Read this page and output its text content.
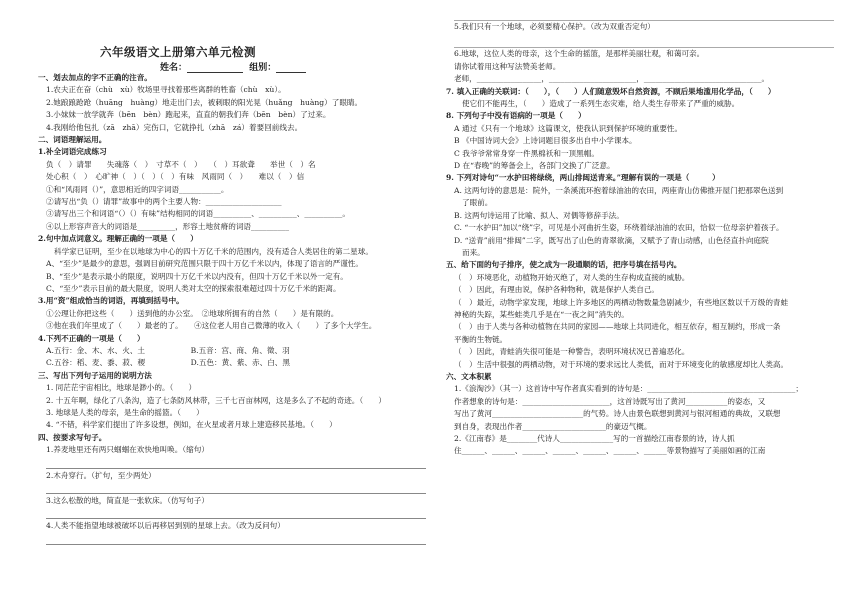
六年级语文上册第六单元检测
姓名：	组别：
一、划去加点的字不正确的注音。
1.农夫正在奋（chù　xù）牧场里寻找着那些离群的牲畜（chù　xù）。
2.她踉踉跄跄（huāng　huàng）地走出门去，被刺眼的阳光晃（huǎng　huàng）了眼睛。
3.小妹妹一放学就奔（bēn　bèn）跑起来，直直的朝我们奔（bēn　bèn）了过来。
4.我刚给他包扎（zā　zhā）完伤口，它就挣扎（zhā　zá）着要回前线去。
二、词语理解运用。
1.补全词语完成练习
负（　）请罪　　失魂落（　）　寸草不（　）　　（　）耳欲聋　　举世（　）名
处心积（　）　心旷神（　）（　）（　）有味　风雨同（　）　　难以（　）信
①和“风雨同（）”，意思相近的四字词语___________。
②请写出“负（）请罪”故事中的两个主要人物：____________________
③请写出三个和词语“（）（）有味”结构相同的词语__________、__________、__________。
④以上形容声音大的词语是__________，形容土地贫瘠的词语__________
2.句中加点词意义。理解正确的一项是（　　）
科学家已证明，至少在以地球为中心的四十万亿千米的范围内，没有适合人类居住的第二星球。
A、“至少”是最少的意思，强调目前研究范围只限于四十万亿千米以内，体现了语言的严谨性。
B、“至少”是表示最小的限度，说明四十万亿千米以内没有，但四十万亿千米以外一定有。
C、“至少”表示目前的最大限度，说明人类对太空的探索很难超过四十万亿千米的距离。
3.用“资”组成恰当的词语，再填到括号中。
①公理让你把这些（　　）送到他的办公室。　②地球所拥有的自然（　　）是有限的。
③他在我们年里成了（　　）最老的了。　　④这位老人用自己微薄的收入（　　）了多个大学生。
4.下列不正确的一项是（　　）
A.五行：金、木、水、火、土　　　　　　B.五音：宫、商、角、徵、羽
C.五谷：稻、麦、黍、菽、稷　　　　　　D.五色：黄、紫、赤、白、黑
三、写出下列句子运用的说明方法
1. 同茫茫宇宙相比，地球是渺小的。（　　）
2. 十五年啊，绿化了八条沟，造了七条防风林带，三千七百亩林网，这是多么了不起的奇迹。（　　）
3. 地球是人类的母亲，是生命的摇篮。（　　）
4. “不错，科学家们提出了许多设想，例如，在火星或者月球上建造移民基地。（　　）
四、按要求写句子。
1.养麦地里还有两只蝈蝈在欢快地叫唤。（缩句）
2.木舟穿行。（扩句，至少两处）
3.这么松散的地，简直是一张软床。（仿写句子）
4.人类不能指望地球被破坏以后再移居到别的星球上去。（改为反问句）
5.我们只有一个地球，必须要精心保护。（改为双重否定句）
6.地球，这位人类的母亲，这个生命的摇篮，是那样美丽壮观，和蔼可亲。
请你试着用这种写法赞美老师。
老师，_________________，_______________________，_______________________________。
7. 填入正确的关联词：（　　），（　　）人们随意毁坏自然资源，不顾后果地滥用化学品，（　　）
使它们不能再生，（　　）造成了一系列生态灾难，给人类生存带来了严重的威胁。
8. 下列句子中没有语病的一项是（　　）
A 通过《只有一个地球》这篇课文，使我认识到保护环境的重要性。
B 《中国诗词大会》上诗词题目很多出自中小学课本。
C 我爷爷常常身穿一件黑棉袄和一顶黑帽。
D 在“春晚”的筹备会上，各部门交换了广泛意。
9. 下列对诗句“一水护田将绿绕，两山排闼送青来。”理解有误的一项是（　　　）
A. 这两句诗的意思是：院外，一条溪流环抱着绿油油的农田，两座青山仿佛推开屋门把那翠色送到
了眼前。
B. 这两句诗运用了比喻、拟人、对偶等修辞手法。
C. “一水护田”加以“绕”字，可见是小河曲折生姿，环绕着绿油油的农田，恰似一位母亲护着孩子。
D. “送青”前用“排闼”二字，既写出了山色的青翠欲滴，又赋予了青山动感，山色径直扑向庭院
而来。
五、给下面的句子排序，使之成为一段通顺的话，把序号填在括号内。
（　）环境恶化，动植物开始灭绝了，对人类的生存构成直接的威胁。
（　）因此，有理由说，保护各种物种，就是保护人类自己。
（　）最近，动物学家发现，地球上许多地区的两栖动物数量急剧减少，有些地区数以千万级的青蛙
神秘的失踪，某些蛙类几乎是在“一夜之间”消失的。
（　）由于人类与各种动植物在共同的家园——地球上共同进化，相互依存，相互制约，形成一条
平衡的生物链。
（　）因此，青蛙消失很可能是一种警告，表明环境状况已普遍恶化。
（　）生活中很强的两栖动物，对于环境的要求远比人类低，而对于环境变化的敏感度却比人类高。
六、文本积累
1.《浪淘沙》（其一）这首诗中写作者真实看到的诗句是：_______________________________________；
作者想象的诗句是：_______________________，这首诗既写出了黄河___________的姿态，又
写出了黄河________________________的气势。诗人由景色联想到黄河与银河相通的典故，又联想
到自身，表现出作者______________________的豪迈气概。
2.《江南春》是________代诗人______________写的一首描绘江南春景的诗，诗人抓
住______、______、______、______、______、______、______等景物描写了美丽如画的江南
